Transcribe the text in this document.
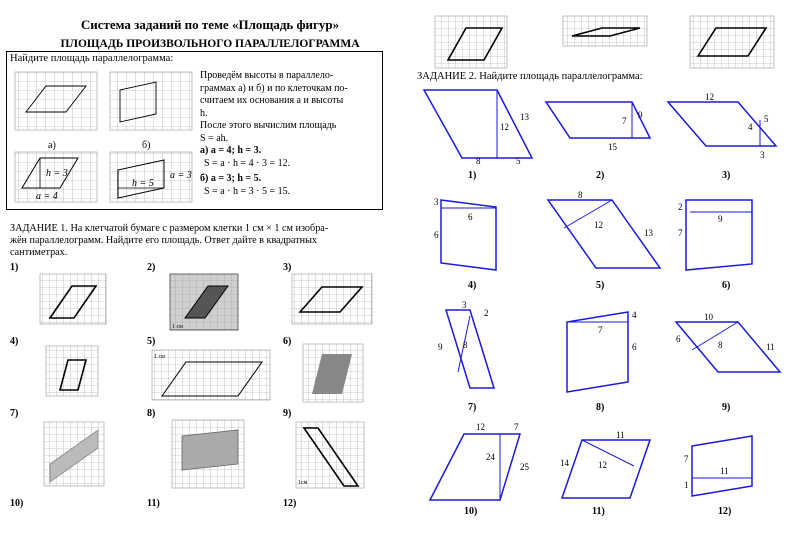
Система заданий по теме «Площадь фигур»
ПЛОЩАДЬ ПРОИЗВОЛЬНОГО ПАРАЛЛЕЛОГРАММА
Найдите площадь параллелограмма:
Проведём высоты в параллело-
граммах а) и б) и по клеточкам по-
считаем их основания a и высоты
h.
После этого вычислим площадь
S = ah.
а) a = 4; h = 3.
S = a · h = 4 · 3 = 12.
б) a = 3; h = 5.
S = a · h = 3 · 5 = 15.
ЗАДАНИЕ 1. На клетчатой бумаге с размером клетки 1 см × 1 см изобра-
жён параллелограмм. Найдите его площадь. Ответ дайте в квадратных
сантиметрах.
ЗАДАНИЕ 2. Найдите площадь параллелограмма:
а)	б)
h = 3
a = 4
h = 5
a = 3
1)	2)
1 см
3)
4)	5)
1 см
6)
7)	8)	9)
1см
10)	11)	12)
12
13
8	5
9
7
15
12
4
5
3
3
6
6
8
12
13
2
9
7
3
2
9 8
4
7
6
10
6
8	11
12	7
24
25
11
14	12
7
11
1
1)	2)	3)
4)	5)	6)
7)	8)	9)
10)	11)	12)
